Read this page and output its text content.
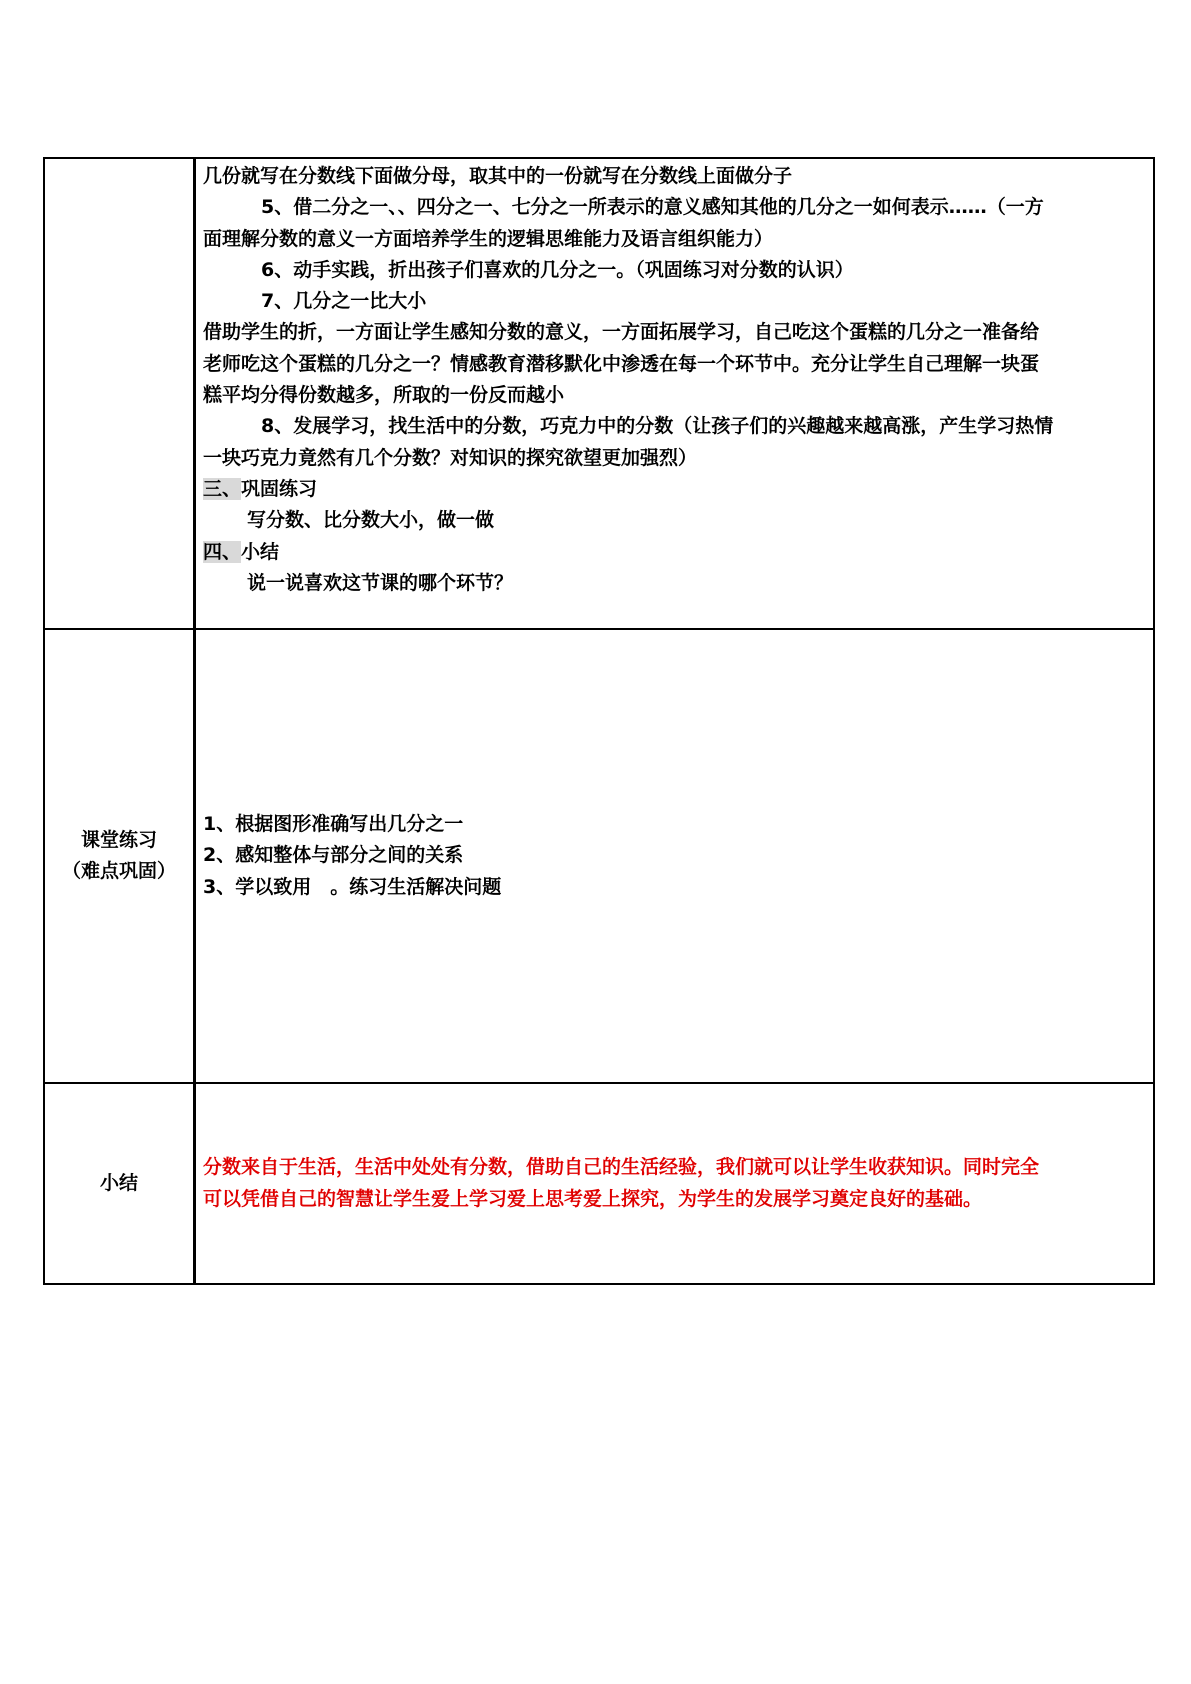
几份就写在分数线下面做分母，取其中的一份就写在分数线上面做分子

5、借二分之一、、四分之一、七分之一所表示的意义感知其他的几分之一如何表示……（一方

面理解分数的意义一方面培养学生的逻辑思维能力及语言组织能力）

6、动手实践，折出孩子们喜欢的几分之一。（巩固练习对分数的认识）

7、几分之一比大小

借助学生的折，一方面让学生感知分数的意义，一方面拓展学习，自己吃这个蛋糕的几分之一准备给

老师吃这个蛋糕的几分之一？情感教育潜移默化中渗透在每一个环节中。充分让学生自己理解一块蛋

糕平均分得份数越多，所取的一份反而越小

8、发展学习，找生活中的分数，巧克力中的分数（让孩子们的兴趣越来越高涨，产生学习热情

一块巧克力竟然有几个分数？对知识的探究欲望更加强烈）

三、巩固练习

写分数、比分数大小，做一做

四、小结

说一说喜欢这节课的哪个环节？

课堂练习
（难点巩固）

1、根据图形准确写出几分之一

2、感知整体与部分之间的关系

3、学以致用　。练习生活解决问题

小结

分数来自于生活，生活中处处有分数，借助自己的生活经验，我们就可以让学生收获知识。同时完全

可以凭借自己的智慧让学生爱上学习爱上思考爱上探究，为学生的发展学习奠定良好的基础。
